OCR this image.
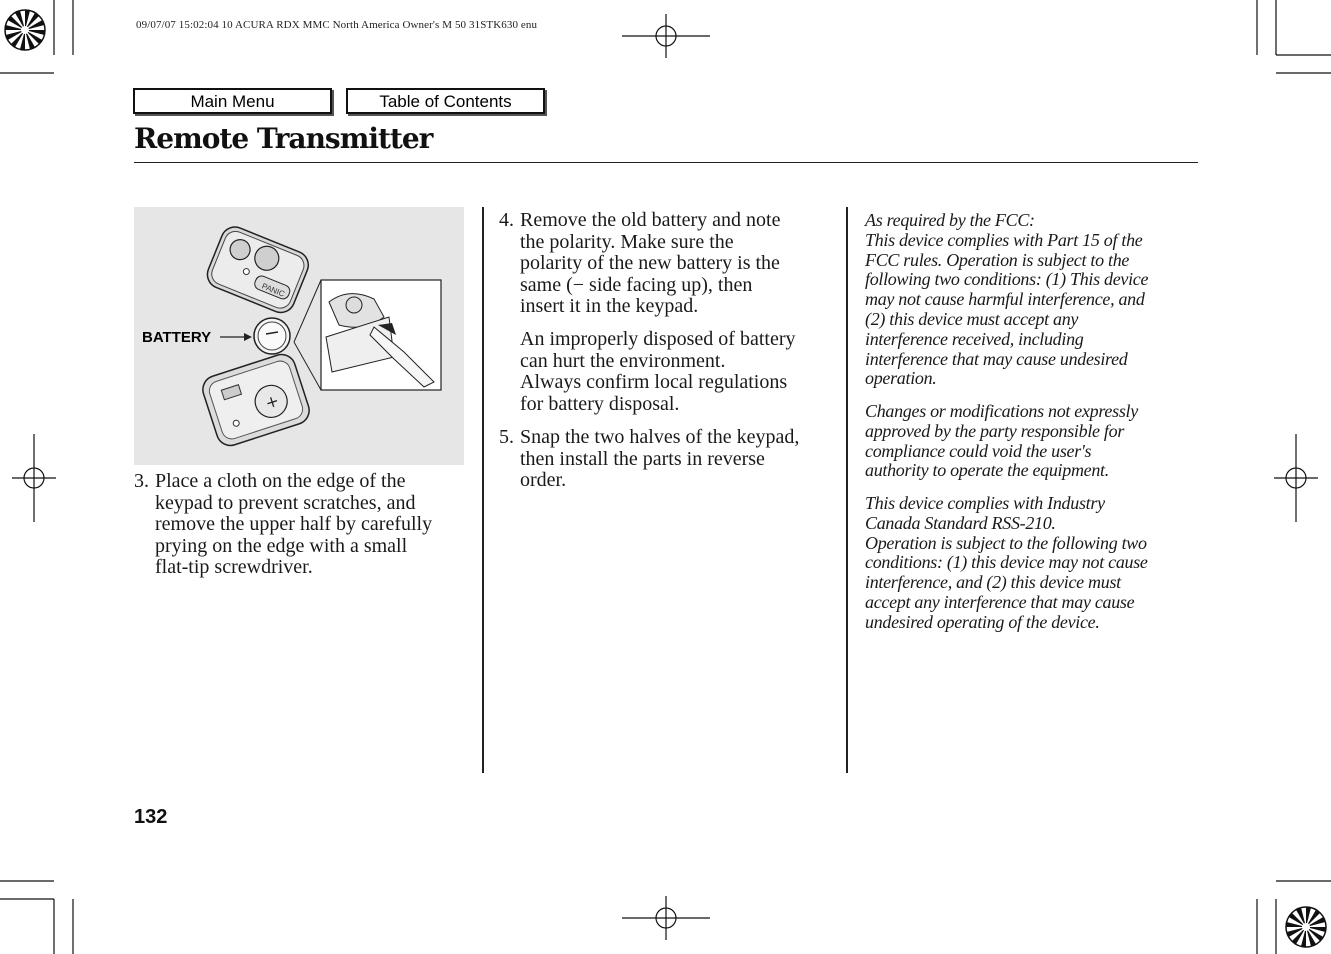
09/07/07 15:02:04 10 ACURA RDX MMC North America Owner's M 50 31STK630 enu
Main Menu	Table of Contents
Remote Transmitter
PANIC
BATTERY
+
3. Place a cloth on the edge of the
keypad to prevent scratches, and
remove the upper half by carefully
prying on the edge with a small
flat-tip screwdriver.
4. Remove the old battery and note
the polarity. Make sure the
polarity of the new battery is the
same (− side facing up), then
insert it in the keypad.
An improperly disposed of battery
can hurt the environment.
Always confirm local regulations
for battery disposal.
5. Snap the two halves of the keypad,
then install the parts in reverse
order.
As required by the FCC:
This device complies with Part 15 of the
FCC rules. Operation is subject to the
following two conditions: (1) This device
may not cause harmful interference, and
(2) this device must accept any
interference received, including
interference that may cause undesired
operation.
Changes or modifications not expressly
approved by the party responsible for
compliance could void the user's
authority to operate the equipment.
This device complies with Industry
Canada Standard RSS-210.
Operation is subject to the following two
conditions: (1) this device may not cause
interference, and (2) this device must
accept any interference that may cause
undesired operating of the device.
132
